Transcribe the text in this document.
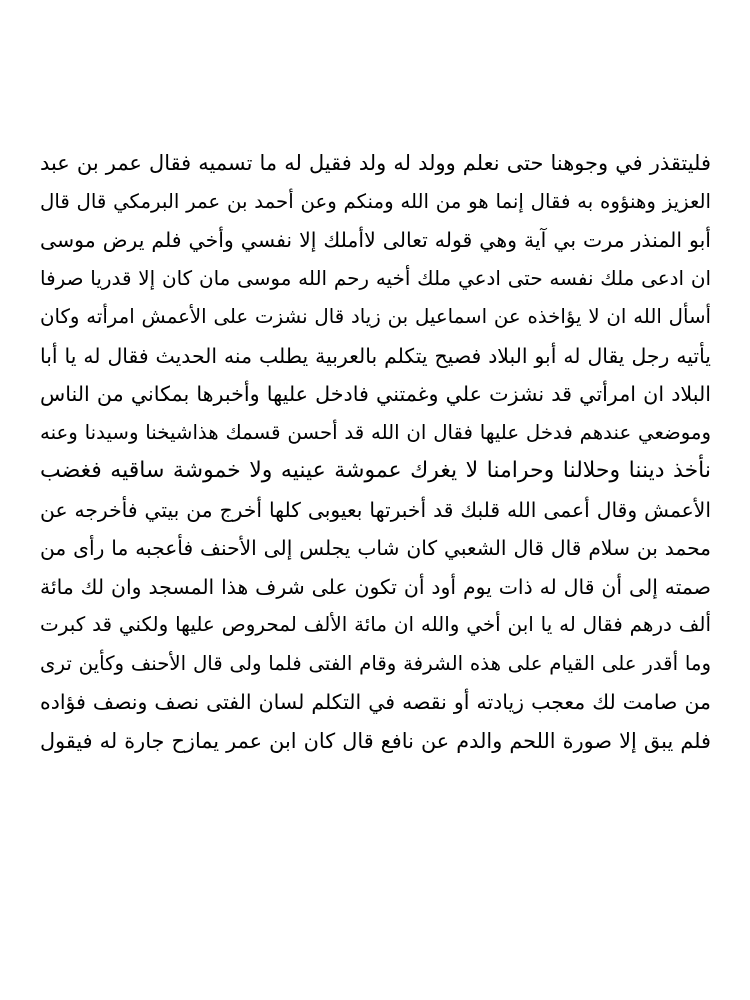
فليتقذر في وجوهنا حتى نعلم وولد له ولد فقيل له ما تسميه فقال عمر بن عبد
العزيز وهنؤوه به فقال إنما هو من الله ومنكم وعن أحمد بن عمر البرمكي قال قال
أبو المنذر مرت بي آية وهي قوله تعالى لاأملك إلا نفسي وأخي فلم يرض موسى
ان ادعى ملك نفسه حتى ادعي ملك أخيه رحم الله موسى مان كان إلا قدريا صرفا
أسأل الله ان لا يؤاخذه عن اسماعيل بن زياد قال نشزت على الأعمش امرأته وكان
يأتيه رجل يقال له أبو البلاد فصيح يتكلم بالعربية يطلب منه الحديث فقال له يا أبا
البلاد ان امرأتي قد نشزت علي وغمتني فادخل عليها وأخبرها بمكاني من الناس
وموضعي عندهم فدخل عليها فقال ان الله قد أحسن قسمك هذاشيخنا وسيدنا وعنه
نأخذ ديننا وحلالنا وحرامنا لا يغرك عموشة عينيه ولا خموشة ساقيه فغضب
الأعمش وقال أعمى الله قلبك قد أخبرتها بعيوبى كلها أخرج من بيتي فأخرجه عن
محمد بن سلام قال قال الشعبي كان شاب يجلس إلى الأحنف فأعجبه ما رأى من
صمته إلى أن قال له ذات يوم أود أن تكون على شرف هذا المسجد وان لك مائة
ألف درهم فقال له يا ابن أخي والله ان مائة الألف لمحروص عليها ولكني قد كبرت
وما أقدر على القيام على هذه الشرفة وقام الفتى فلما ولى قال الأحنف وكأين ترى
من صامت لك معجب زيادته أو نقصه في التكلم لسان الفتى نصف ونصف فؤاده
فلم يبق إلا صورة اللحم والدم عن نافع قال كان ابن عمر يمازح جارة له فيقول
